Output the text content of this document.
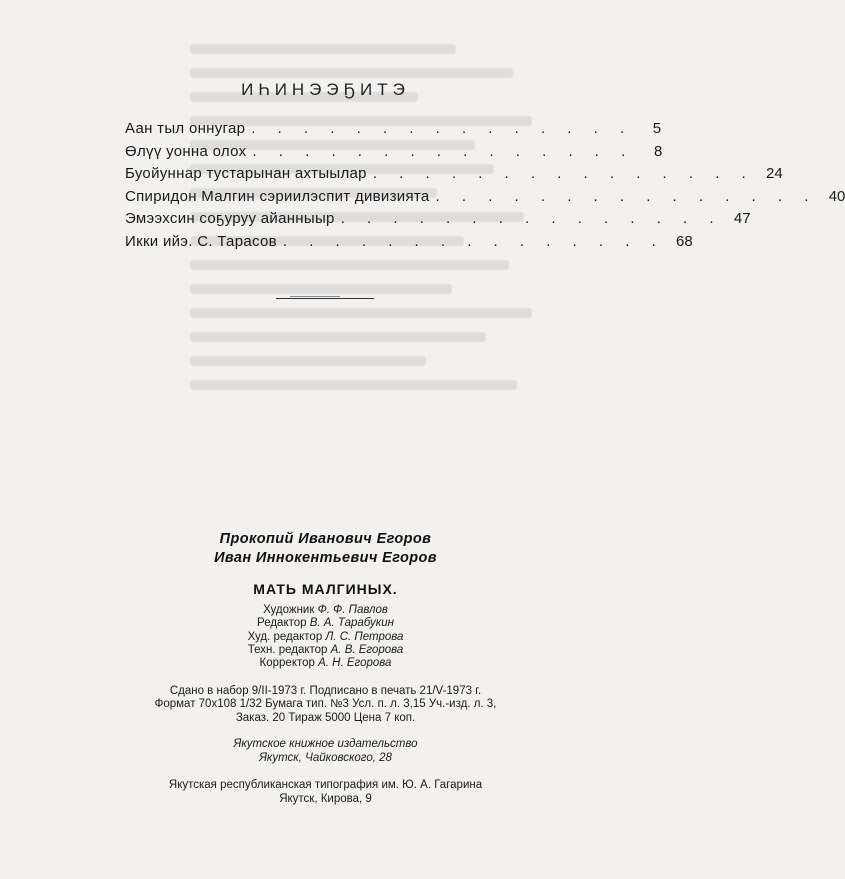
ИҺИНЭЭҔИТЭ
Аан тыл оннугар . . . . . . . . . . . . . . .	5
Өлүү уонна олох . . . . . . . . . . . . . . .	8
Буойуннар тустарынан ахтыылар . . . . . . . . . . . . . . . 24
Спиридон Малгин сэриилэспит дивизията . . . . . . . . . . . . . . . 40
Эмээхсин соҕуруу айанныыр . . . . . . . . . . . . . . . 47
Икки ийэ. С. Тарасов . . . . . . . . . . . . . . . 68
Прокопий Иванович Егоров
Иван Иннокентьевич Егоров
МАТЬ МАЛГИНЫХ.
Художник Ф. Ф. Павлов
Редактор В. А. Тарабукин
Худ. редактор Л. С. Петрова
Техн. редактор А. В. Егорова
Корректор А. Н. Егорова
Сдано в набор 9/II-1973 г. Подписано в печать 21/V-1973 г.
Формат 70х108 1/32 Бумага тип. №3 Усл. п. л. 3,15 Уч.-изд. л. 3,
Заказ. 20 Тираж 5000 Цена 7 коп.
Якутское книжное издательство
Якутск, Чайковского, 28
Якутская республиканская типография им. Ю. А. Гагарина
Якутск, Кирова, 9
